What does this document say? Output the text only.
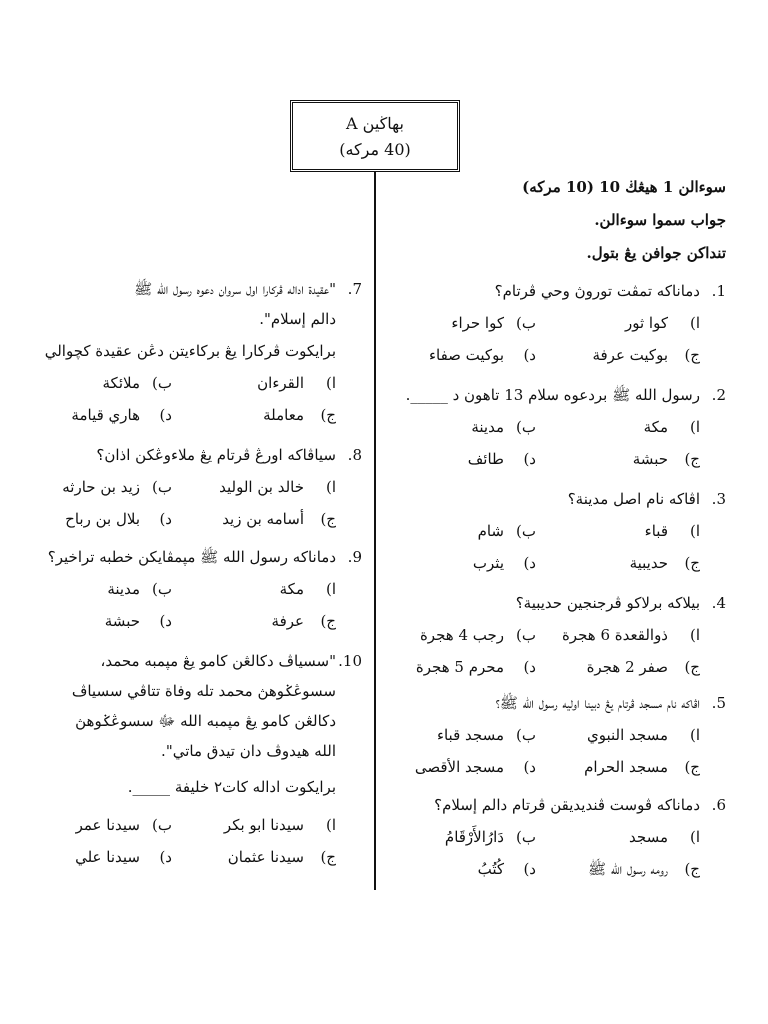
بهاڬين A
(40 مركه)
سوءالن 1 هيڠڬ 10 (10 مركه)
جواب سموا سوءالن.
تنداكن جوافن يڠ بتول.
1.
دماناكه تمڤت توروڽ وحي ڤرتام؟
ا)
كوا ثور
ب)
كوا حراء
ج)
بوكيت عرفة
د)
بوكيت صفاء
2.
رسول الله ﷺ بردعوه سلام 13 تاهون د _____.
ا)
مكة
ب)
مدينة
ج)
حبشة
د)
طائف
3.
اڤاكه نام اصل مدينة؟
ا)
قباء
ب)
شام
ج)
حديبية
د)
يثرب
4.
بيلاكه برلاكو ڤرجنجين حديبية؟
ا)
ذوالقعدة 6 هجرة
ب)
رجب 4 هجرة
ج)
صفر 2 هجرة
د)
محرم 5 هجرة
5.
اڤاكه نام مسجد ڤرتام يڠ دبينا اوليه رسول الله ﷺ؟
ا)
مسجد النبوي
ب)
مسجد قباء
ج)
مسجد الحرام
د)
مسجد الأقصى
6.
دماناكه ڤوست ڤنديديقن ڤرتام دالم إسلام؟
ا)
مسجد
ب)
دَارُالأَرْقَامُ
ج)
رومه رسول الله ﷺ
د)
كُتُبُ
7.
"عقيدة اداله ڤركارا اول سروان دعوه رسول الله ﷺ
دالم إسلام".
برايكوت ڤركارا يڠ بركاءيتن دڠن عقيدة كچوالي
ا)
القرءان
ب)
ملائكة
ج)
معاملة
د)
هاري قيامة
8.
سياڤاكه اورڠ ڤرتام يڠ ملاءوڠكن اذان؟
ا)
خالد بن الوليد
ب)
زيد بن حارثه
ج)
أسامه بن زيد
د)
بلال بن رباح
9.
دماناكه رسول الله ﷺ مپمڤايكن خطبه تراخير؟
ا)
مكة
ب)
مدينة
ج)
عرفة
د)
حبشة
10.
"سسياڤ دكالڠن كامو يڠ مپمبه محمد،
سسوڠݢوهڽ محمد تله وفاة تتاڤي سسياڤ
دكالڠن كامو يڠ مپمبه الله ﷻ سسوڠݢوهڽ
الله هيدوڤ دان تيدق ماتي".
برايكوت اداله كات٢ خليفة _____.
ا)
سيدنا ابو بكر
ب)
سيدنا عمر
ج)
سيدنا عثمان
د)
سيدنا علي
